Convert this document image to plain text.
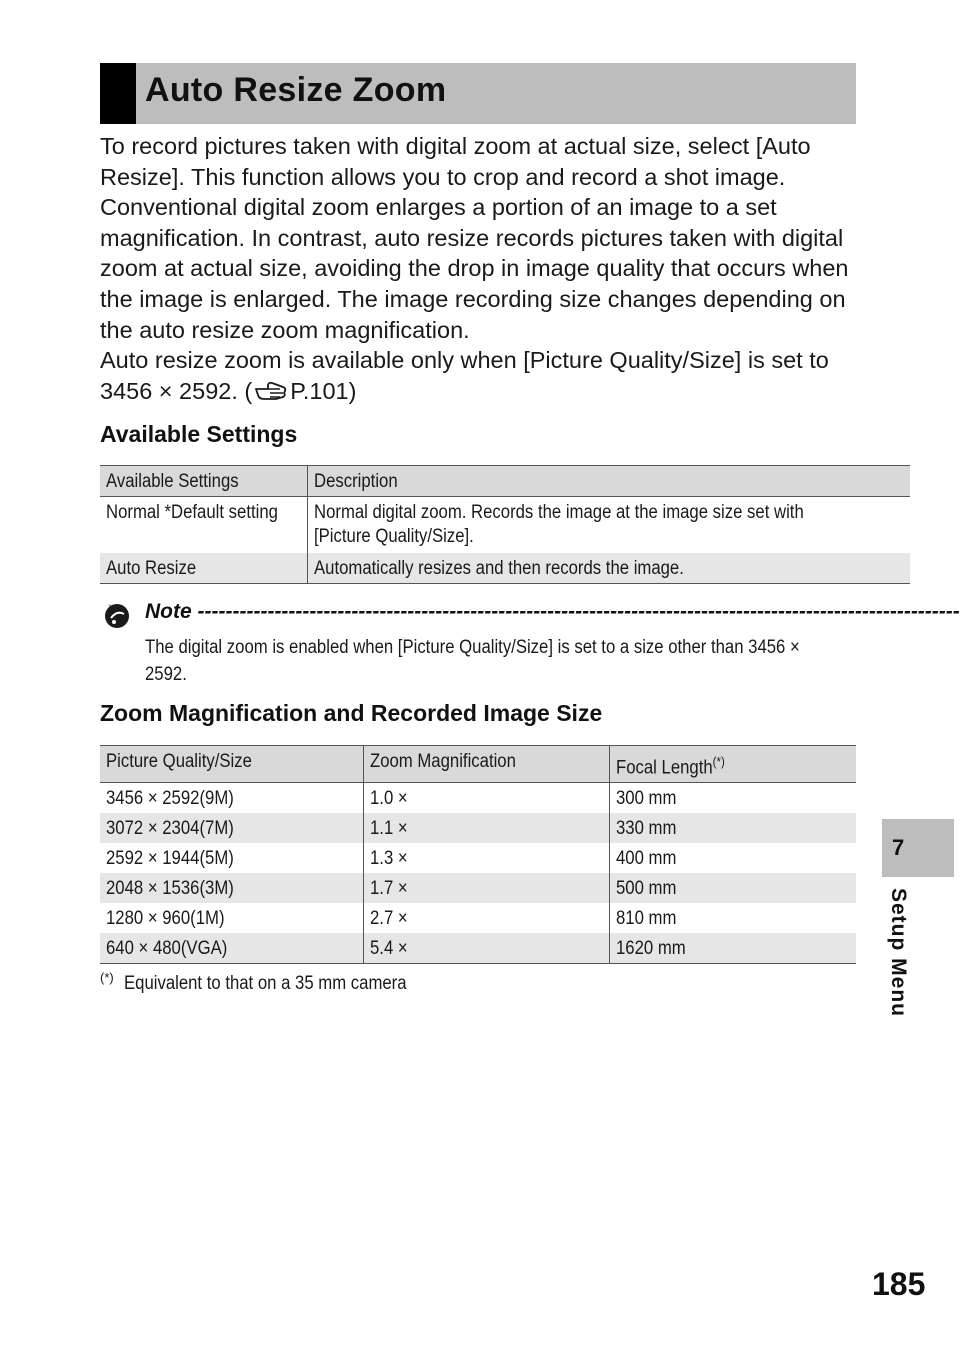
Auto Resize Zoom

To record pictures taken with digital zoom at actual size, select [Auto Resize]. This function allows you to crop and record a shot image. Conventional digital zoom enlarges a portion of an image to a set magnification. In contrast, auto resize records pictures taken with digital zoom at actual size, avoiding the drop in image quality that occurs when the image is enlarged. The image recording size changes depending on the auto resize zoom magnification.

Auto resize zoom is available only when [Picture Quality/Size] is set to 3456 × 2592. ( P.101)

Available Settings
Available Settings	Description
Normal *Default setting	Normal digital zoom. Records the image at the image size set with [Picture Quality/Size].
Auto Resize	Automatically resizes and then records the image.
Note -------------------------------------------------------------------------------------------------------------

The digital zoom is enabled when [Picture Quality/Size] is set to a size other than 3456 × 2592.

Zoom Magnification and Recorded Image Size
Picture Quality/Size	Zoom Magnification	Focal Length(*)
3456 × 2592(9M)	1.0 ×	300 mm
3072 × 2304(7M)	1.1 ×	330 mm
2592 × 1944(5M)	1.3 ×	400 mm
2048 × 1536(3M)	1.7 ×	500 mm
1280 × 960(1M)	2.7 ×	810 mm
640 × 480(VGA)	5.4 ×	1620 mm
(*) Equivalent to that on a 35 mm camera
7
Setup Menu
185
